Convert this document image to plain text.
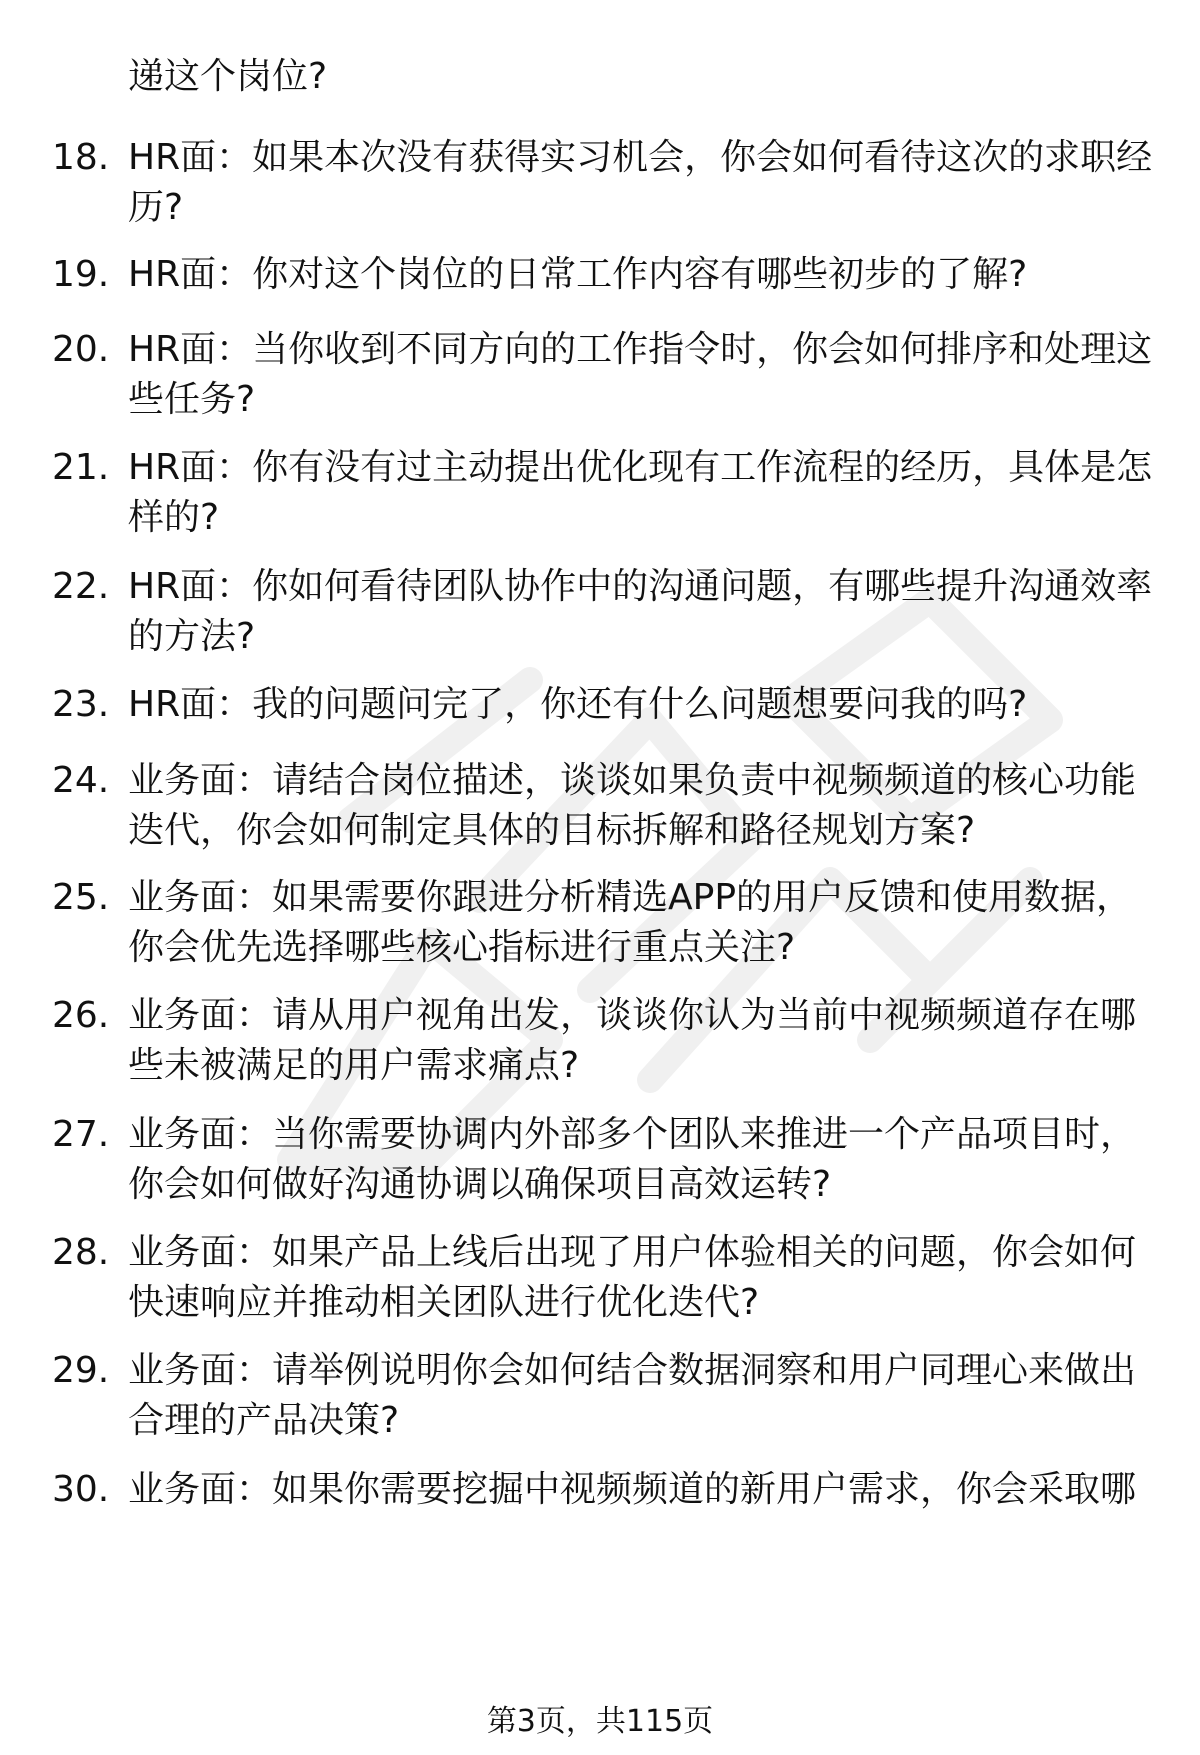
递这个岗位?
18. HR面：如果本次没有获得实习机会，你会如何看待这次的求职经
历?
19. HR面：你对这个岗位的日常工作内容有哪些初步的了解?
20. HR面：当你收到不同方向的工作指令时，你会如何排序和处理这
些任务?
21. HR面：你有没有过主动提出优化现有工作流程的经历，具体是怎
样的?
22. HR面：你如何看待团队协作中的沟通问题，有哪些提升沟通效率
的方法?
23. HR面：我的问题问完了，你还有什么问题想要问我的吗?
24. 业务面：请结合岗位描述，谈谈如果负责中视频频道的核心功能
迭代，你会如何制定具体的目标拆解和路径规划方案?
25. 业务面：如果需要你跟进分析精选APP的用户反馈和使用数据，
你会优先选择哪些核心指标进行重点关注?
26. 业务面：请从用户视角出发，谈谈你认为当前中视频频道存在哪
些未被满足的用户需求痛点?
27. 业务面：当你需要协调内外部多个团队来推进一个产品项目时，
你会如何做好沟通协调以确保项目高效运转?
28. 业务面：如果产品上线后出现了用户体验相关的问题，你会如何
快速响应并推动相关团队进行优化迭代?
29. 业务面：请举例说明你会如何结合数据洞察和用户同理心来做出
合理的产品决策?
30. 业务面：如果你需要挖掘中视频频道的新用户需求，你会采取哪
第3页，共115页
